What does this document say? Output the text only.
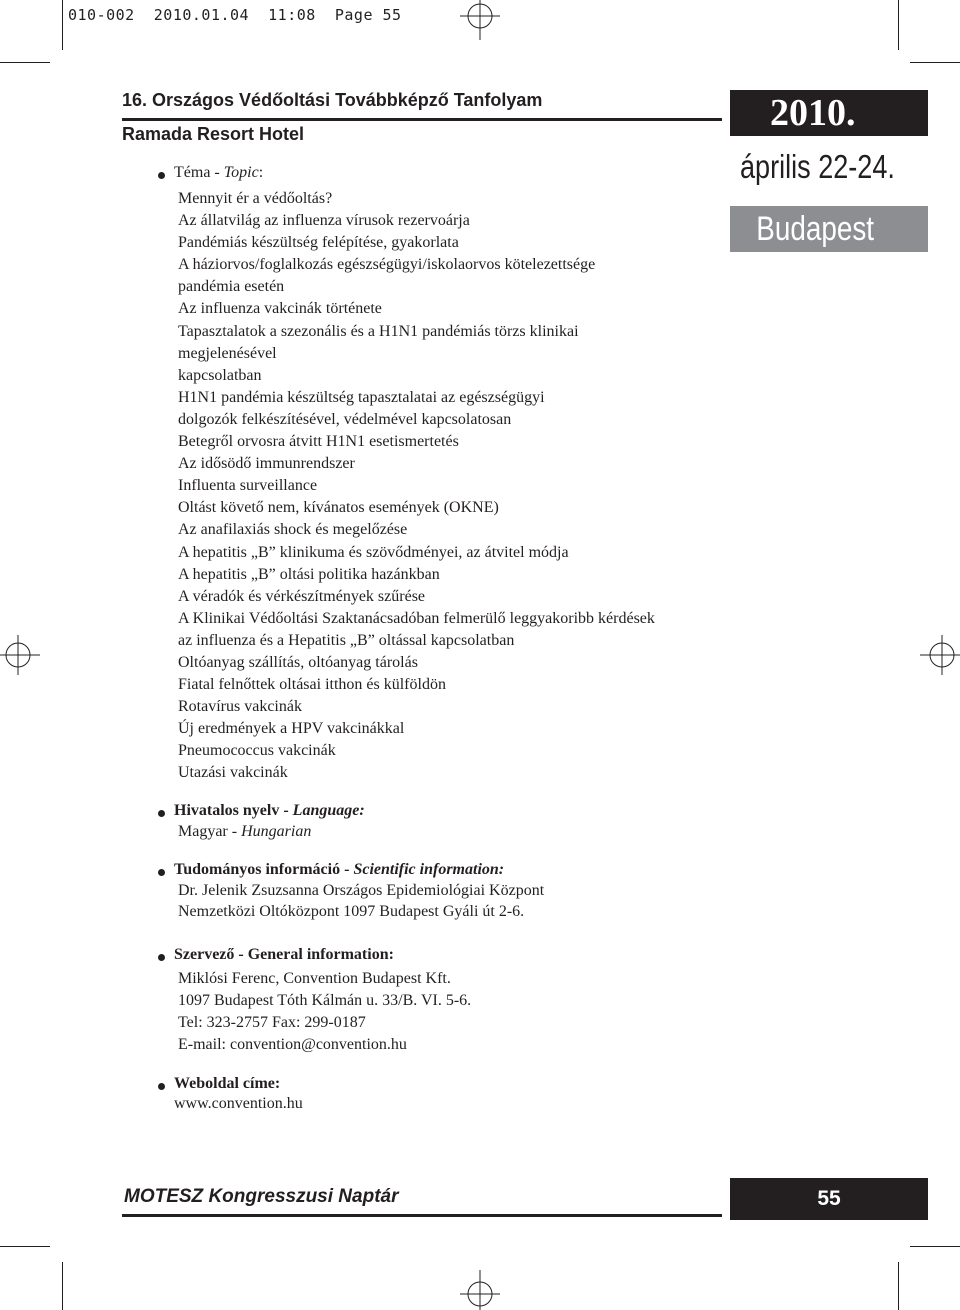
010-002  2010.01.04  11:08  Page 55
16. Országos Védőoltási Továbbképző Tanfolyam
Ramada Resort Hotel	2010.
április 22-24.
Budapest
Téma - Topic:
Mennyit ér a védőoltás?
Az állatvilág az influenza vírusok rezervoárja
Pandémiás készültség felépítése, gyakorlata
A háziorvos/foglalkozás egészségügyi/iskolaorvos kötelezettsége
pandémia esetén
Az influenza vakcinák története
Tapasztalatok a szezonális és a H1N1 pandémiás törzs klinikai
megjelenésével
kapcsolatban
H1N1 pandémia készültség tapasztalatai az egészségügyi
dolgozók felkészítésével, védelmével kapcsolatosan
Betegről orvosra átvitt H1N1 esetismertetés
Az idősödő immunrendszer
Influenta surveillance
Oltást követő nem, kívánatos események (OKNE)
Az anafilaxiás shock és megelőzése
A hepatitis „B” klinikuma és szövődményei, az átvitel módja
A hepatitis „B” oltási politika hazánkban
A véradók és vérkészítmények szűrése
A Klinikai Védőoltási Szaktanácsadóban felmerülő leggyakoribb kérdések
az influenza és a Hepatitis „B” oltással kapcsolatban
Oltóanyag szállítás, oltóanyag tárolás
Fiatal felnőttek oltásai itthon és külföldön
Rotavírus vakcinák
Új eredmények a HPV vakcinákkal
Pneumococcus vakcinák
Utazási vakcinák
Hivatalos nyelv - Language:
Magyar - Hungarian
Tudományos információ - Scientific information:
Dr. Jelenik Zsuzsanna Országos Epidemiológiai Központ
Nemzetközi Oltóközpont 1097 Budapest Gyáli út 2-6.
Szervező - General information:
Miklósi Ferenc, Convention Budapest Kft.
1097 Budapest Tóth Kálmán u. 33/B. VI. 5-6.
Tel: 323-2757 Fax: 299-0187
E-mail: convention@convention.hu
Weboldal címe:
www.convention.hu
MOTESZ Kongresszusi Naptár	55
